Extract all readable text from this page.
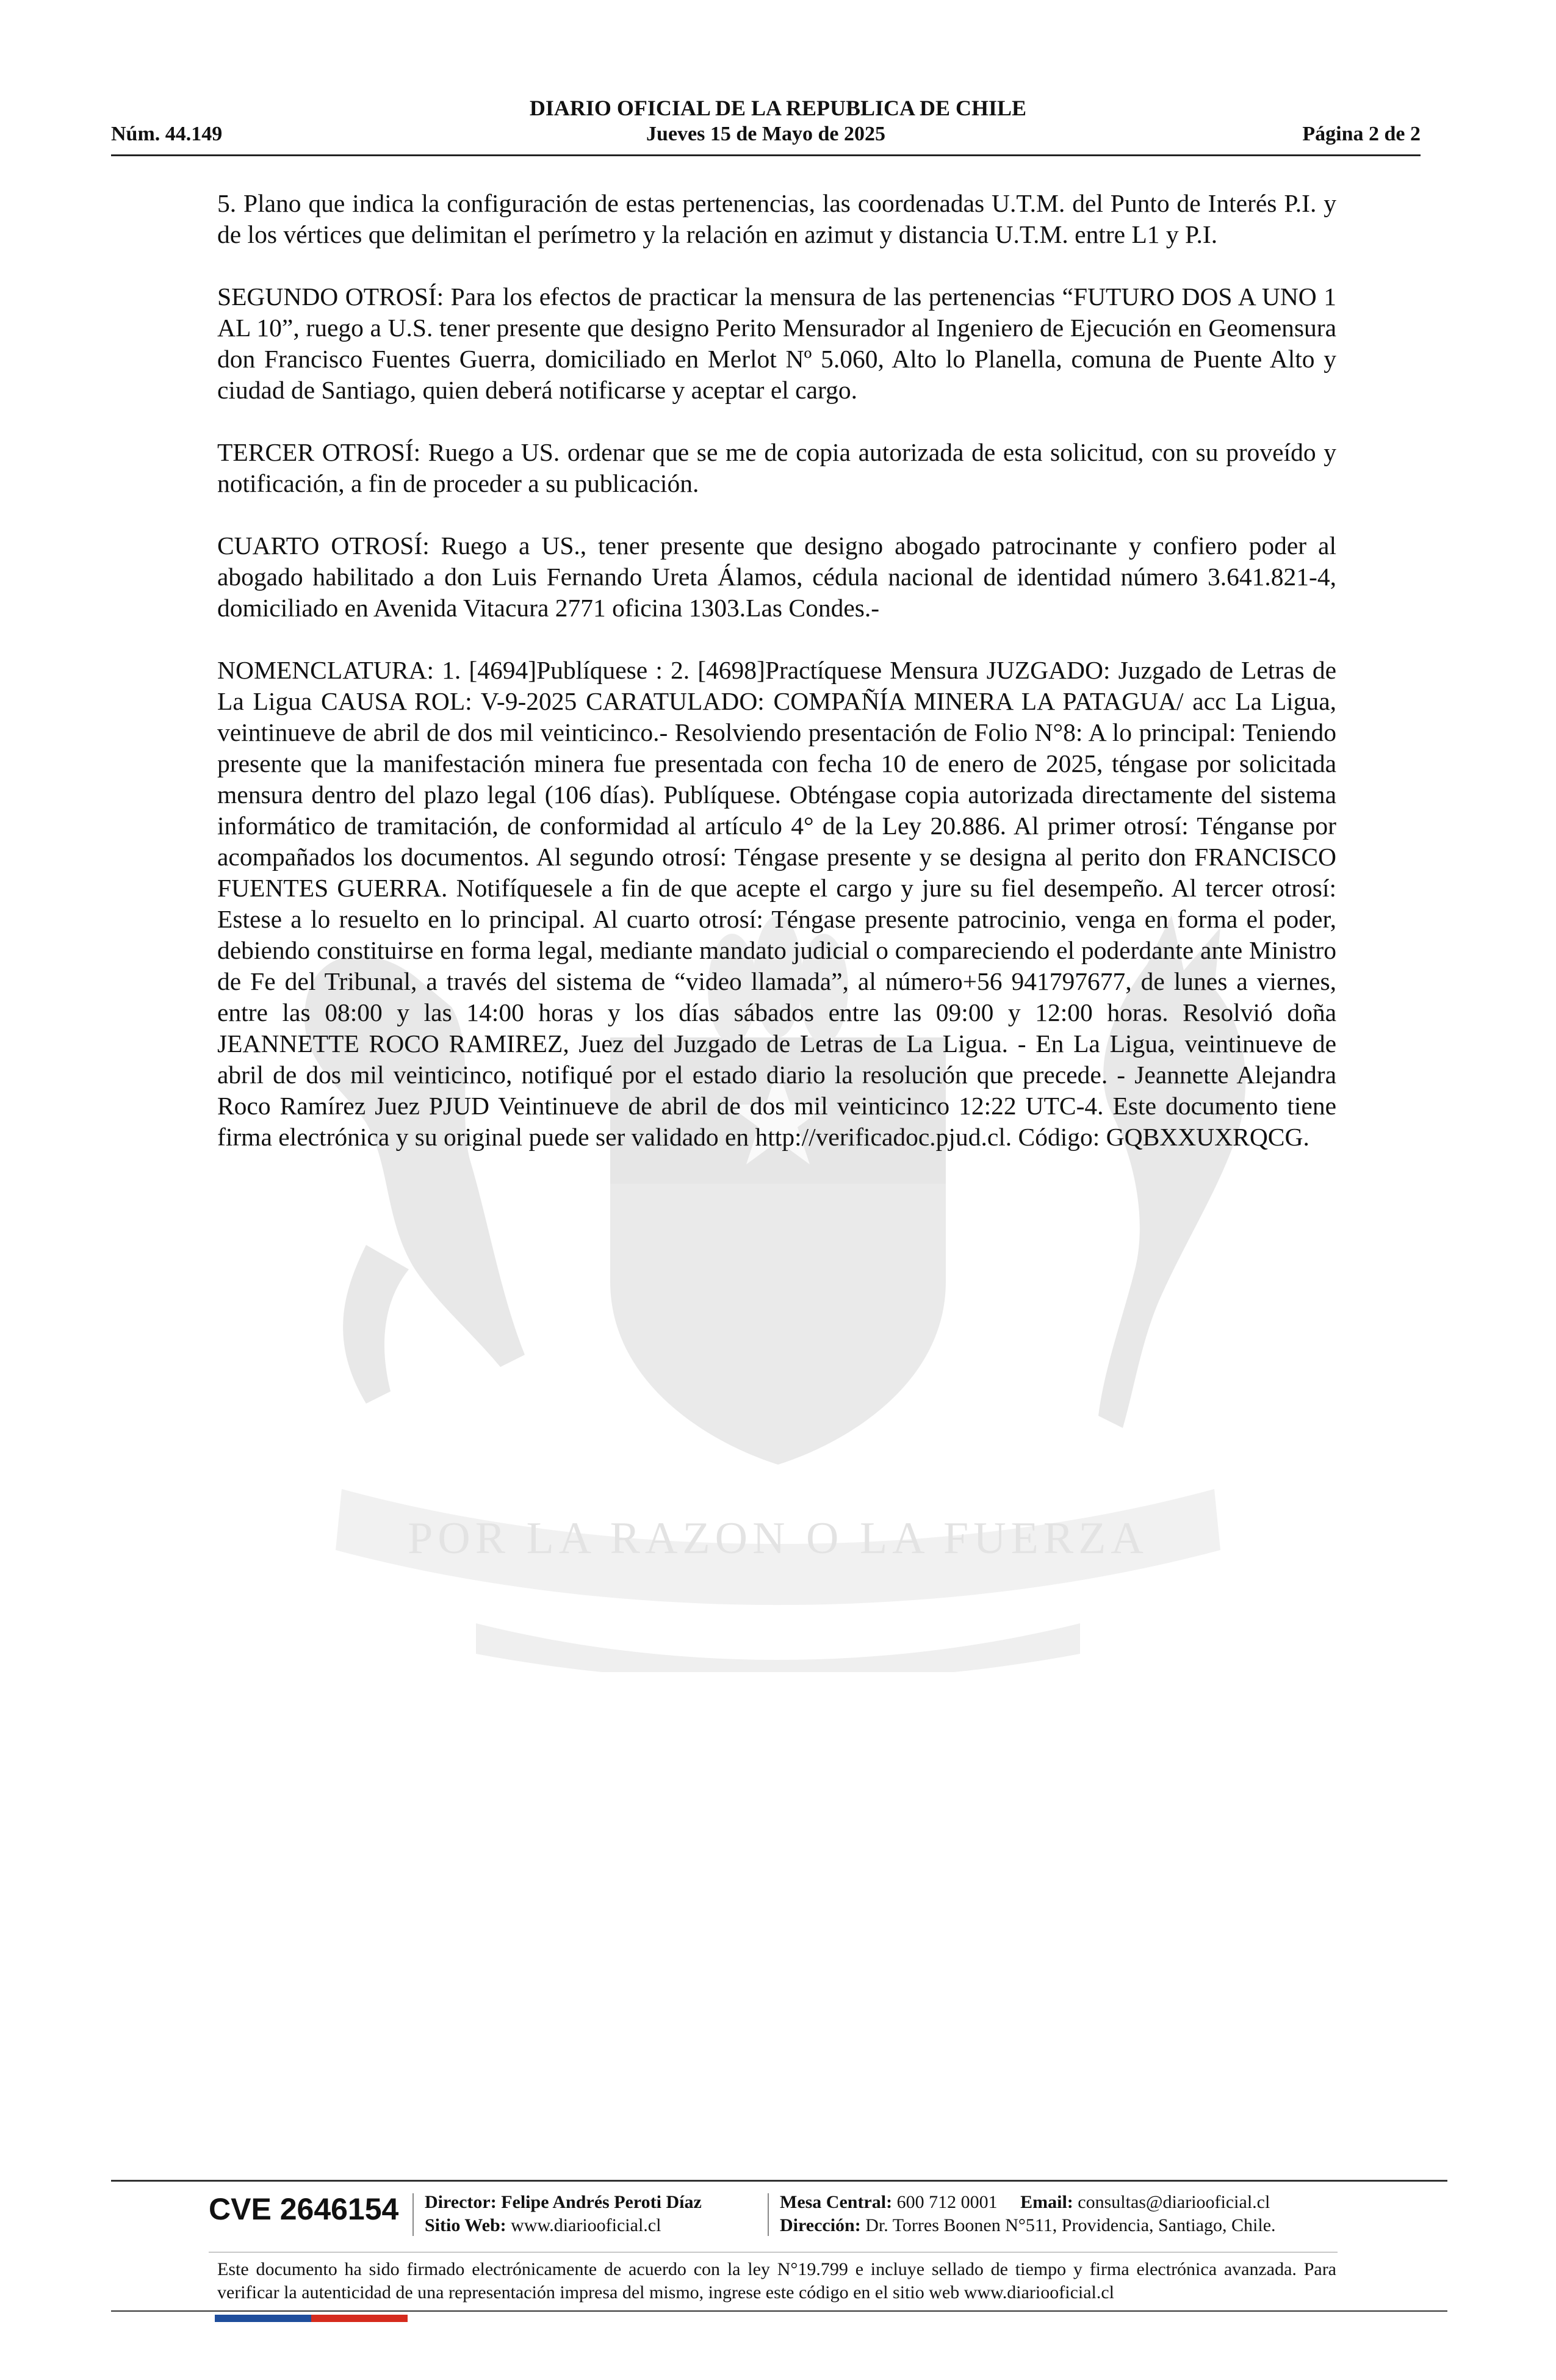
DIARIO OFICIAL DE LA REPUBLICA DE CHILE
Jueves 15 de Mayo de 2025
Núm. 44.149	Página 2 de 2
POR LA RAZON O LA FUERZA

5. Plano que indica la configuración de estas pertenencias, las coordenadas U.T.M. del Punto de Interés P.I. y de los vértices que delimitan el perímetro y la relación en azimut y distancia U.T.M. entre L1 y P.I.

SEGUNDO OTROSÍ: Para los efectos de practicar la mensura de las pertenencias “FUTURO DOS A UNO 1 AL 10”, ruego a U.S. tener presente que designo Perito Mensurador al Ingeniero de Ejecución en Geomensura don Francisco Fuentes Guerra, domiciliado en Merlot Nº 5.060, Alto lo Planella, comuna de Puente Alto y ciudad de Santiago, quien deberá notificarse y aceptar el cargo.

TERCER OTROSÍ: Ruego a US. ordenar que se me de copia autorizada de esta solicitud, con su proveído y notificación, a fin de proceder a su publicación.

CUARTO OTROSÍ: Ruego a US., tener presente que designo abogado patrocinante y confiero poder al abogado habilitado a don Luis Fernando Ureta Álamos, cédula nacional de identidad número 3.641.821-4, domiciliado en Avenida Vitacura 2771 oficina 1303.Las Condes.-

NOMENCLATURA: 1. [4694]Publíquese : 2. [4698]Practíquese Mensura JUZGADO: Juzgado de Letras de La Ligua CAUSA ROL: V-9-2025 CARATULADO: COMPAÑÍA MINERA LA PATAGUA/ acc La Ligua, veintinueve de abril de dos mil veinticinco.- Resolviendo presentación de Folio N°8: A lo principal: Teniendo presente que la manifestación minera fue presentada con fecha 10 de enero de 2025, téngase por solicitada mensura dentro del plazo legal (106 días). Publíquese. Obténgase copia autorizada directamente del sistema informático de tramitación, de conformidad al artículo 4° de la Ley 20.886. Al primer otrosí: Ténganse por acompañados los documentos. Al segundo otrosí: Téngase presente y se designa al perito don FRANCISCO FUENTES GUERRA. Notifíquesele a fin de que acepte el cargo y jure su fiel desempeño. Al tercer otrosí: Estese a lo resuelto en lo principal. Al cuarto otrosí: Téngase presente patrocinio, venga en forma el poder, debiendo constituirse en forma legal, mediante mandato judicial o compareciendo el poderdante ante Ministro de Fe del Tribunal, a través del sistema de “video llamada”, al número+56 941797677, de lunes a viernes, entre las 08:00 y las 14:00 horas y los días sábados entre las 09:00 y 12:00 horas. Resolvió doña JEANNETTE ROCO RAMIREZ, Juez del Juzgado de Letras de La Ligua. - En La Ligua, veintinueve de abril de dos mil veinticinco, notifiqué por el estado diario la resolución que precede. - Jeannette Alejandra Roco Ramírez Juez PJUD Veintinueve de abril de dos mil veinticinco 12:22 UTC-4. Este documento tiene firma electrónica y su original puede ser validado en http://verificadoc.pjud.cl. Código: GQBXXUXRQCG.

CVE 2646154 Director: Felipe Andrés Peroti Díaz
Sitio Web: www.diariooficial.cl
Mesa Central: 600 712 0001 Email: consultas@diariooficial.cl
Dirección: Dr. Torres Boonen N°511, Providencia, Santiago, Chile.
Este documento ha sido firmado electrónicamente de acuerdo con la ley N°19.799 e incluye sellado de tiempo y firma electrónica avanzada. Para verificar la autenticidad de una representación impresa del mismo, ingrese este código en el sitio web www.diariooficial.cl
